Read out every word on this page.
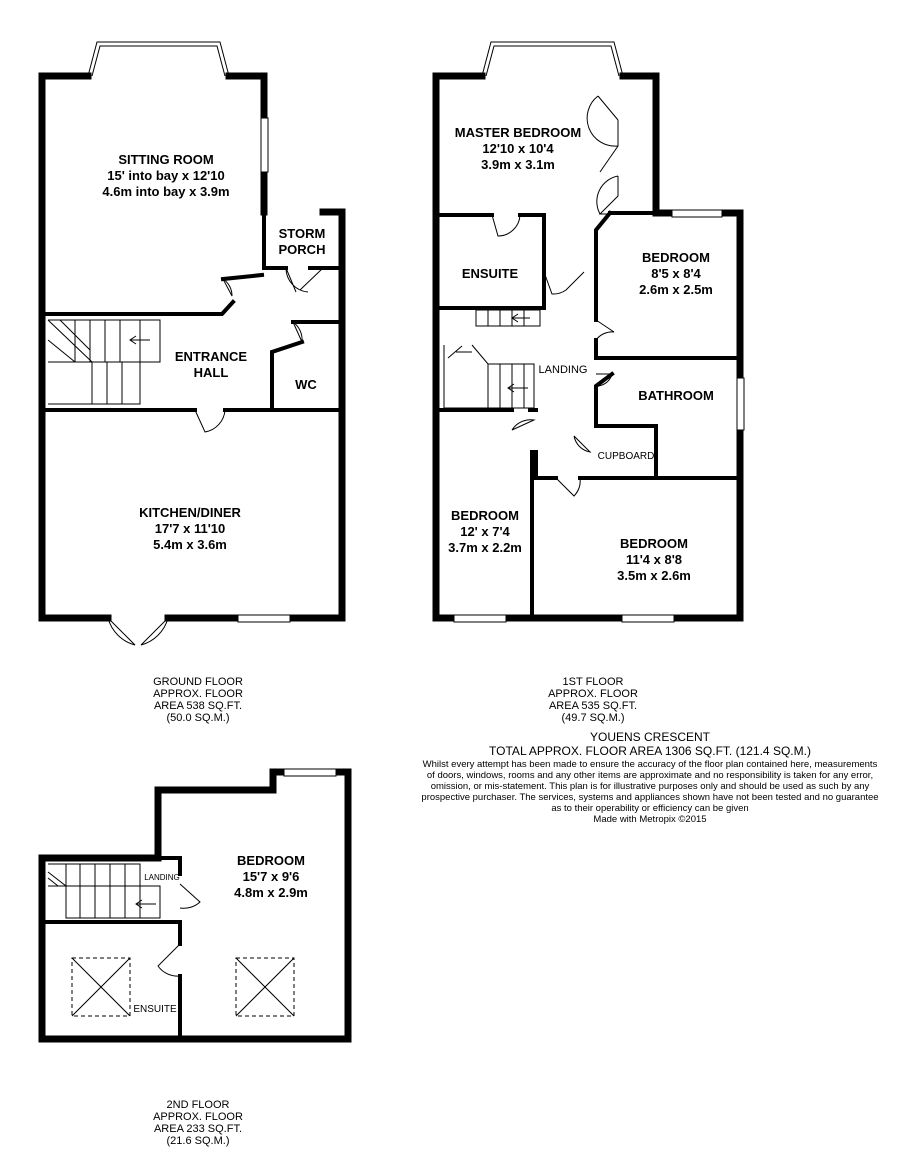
SITTING ROOM
15' into bay x 12'10
4.6m into bay x 3.9m
STORM
PORCH
ENTRANCE
HALL
WC
KITCHEN/DINER
17'7 x 11'10
5.4m x 3.6m
MASTER BEDROOM
12'10 x 10'4
3.9m x 3.1m
ENSUITE
BEDROOM
8'5 x 8'4
2.6m x 2.5m
LANDING
BATHROOM
CUPBOARD
BEDROOM
12' x 7'4
3.7m x 2.2m	BEDROOM
11'4 x 8'8
3.5m x 2.6m
BEDROOM
15'7 x 9'6
4.8m x 2.9m
LANDING
ENSUITE
GROUND FLOOR
APPROX. FLOOR
AREA 538 SQ.FT.
(50.0 SQ.M.)
1ST FLOOR
APPROX. FLOOR
AREA 535 SQ.FT.
(49.7 SQ.M.)
2ND FLOOR
APPROX. FLOOR
AREA 233 SQ.FT.
(21.6 SQ.M.)
YOUENS CRESCENT
TOTAL APPROX. FLOOR AREA 1306 SQ.FT. (121.4 SQ.M.)
Whilst every attempt has been made to ensure the accuracy of the floor plan contained here, measurements
of doors, windows, rooms and any other items are approximate and no responsibility is taken for any error,
omission, or mis-statement. This plan is for illustrative purposes only and should be used as such by any
prospective purchaser. The services, systems and appliances shown have not been tested and no guarantee
as to their operability or efficiency can be given
Made with Metropix ©2015
